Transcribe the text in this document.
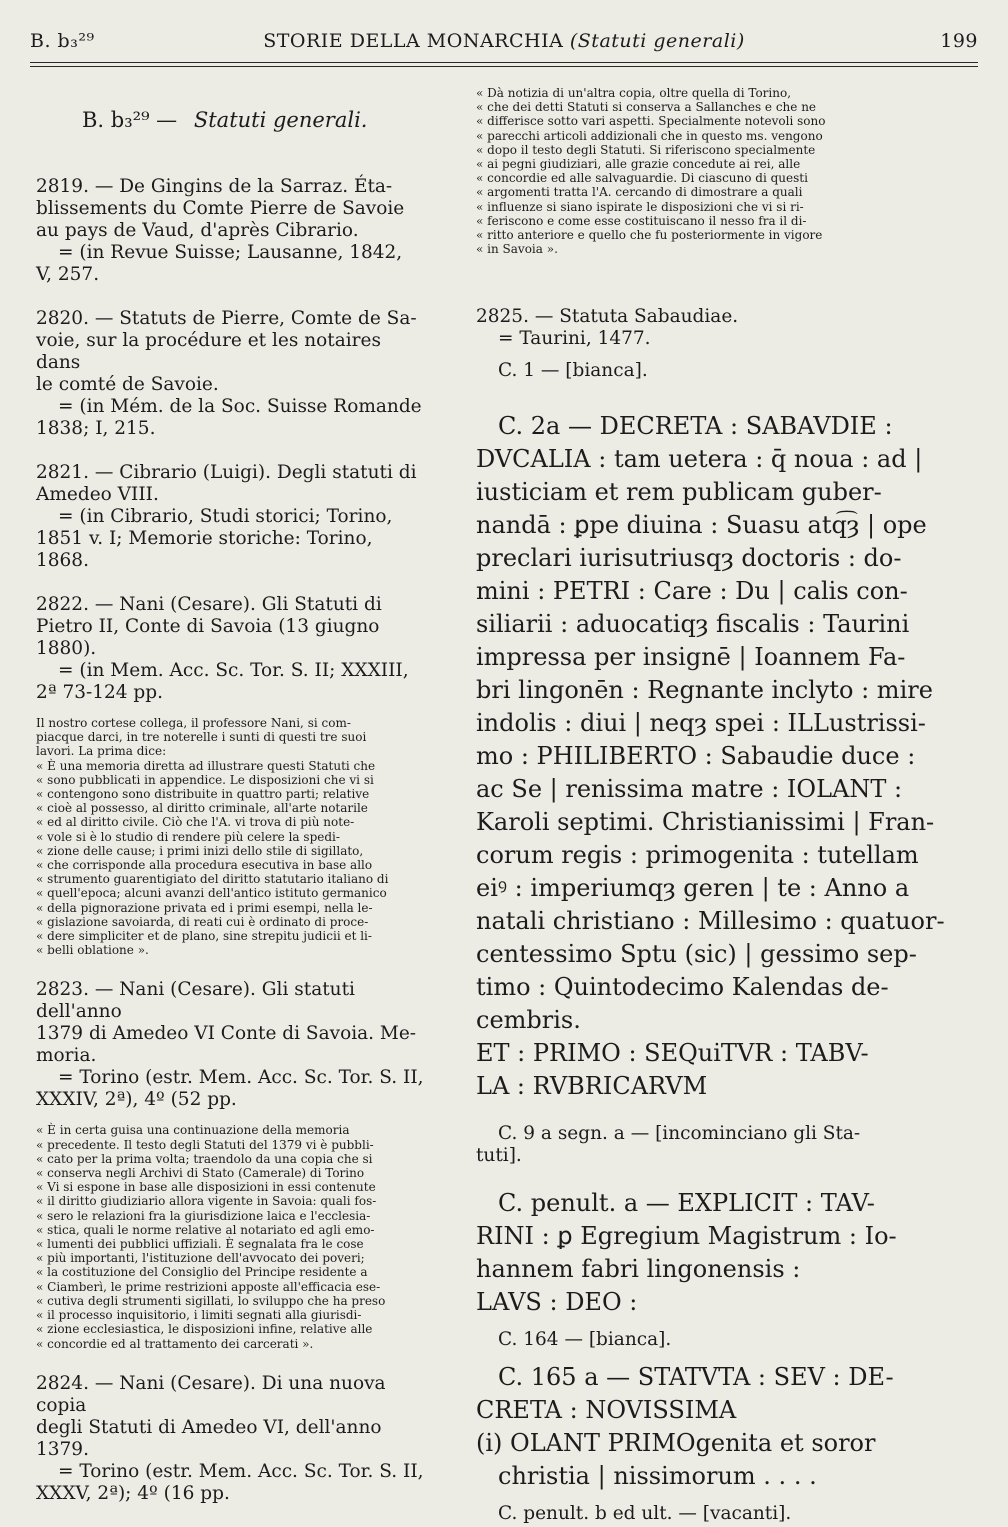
B. b₃²⁹	STORIE DELLA MONARCHIA (Statuti generali)	199
B. b₃²⁹ — Statuti generali.
2819. — De Gingins de la Sarraz. Éta-
blissements du Comte Pierre de Savoie
au pays de Vaud, d'après Cibrario.
= (in Revue Suisse; Lausanne, 1842,
V, 257.
2820. — Statuts de Pierre, Comte de Sa-
voie, sur la procédure et les notaires dans
le comté de Savoie.
= (in Mém. de la Soc. Suisse Romande
1838; I, 215.
2821. — Cibrario (Luigi). Degli statuti di
Amedeo VIII.
= (in Cibrario, Studi storici; Torino,
1851 v. I; Memorie storiche: Torino, 1868.
2822. — Nani (Cesare). Gli Statuti di
Pietro II, Conte di Savoia (13 giugno
1880).
= (in Mem. Acc. Sc. Tor. S. II; XXXIII,
2ª 73-124 pp.
Il nostro cortese collega, il professore Nani, si com-
piacque darci, in tre noterelle i sunti di questi tre suoi
lavori. La prima dice:
« È una memoria diretta ad illustrare questi Statuti che
« sono pubblicati in appendice. Le disposizioni che vi si
« contengono sono distribuite in quattro parti; relative
« cioè al possesso, al diritto criminale, all'arte notarile
« ed al diritto civile. Ciò che l'A. vi trova di più note-
« vole si è lo studio di rendere più celere la spedi-
« zione delle cause; i primi inizi dello stile di sigillato,
« che corrisponde alla procedura esecutiva in base allo
« strumento guarentigiato del diritto statutario italiano di
« quell'epoca; alcuni avanzi dell'antico istituto germanico
« della pignorazione privata ed i primi esempi, nella le-
« gislazione savoiarda, di reati cui è ordinato di proce-
« dere simpliciter et de plano, sine strepitu judicii et li-
« belli oblatione ».
2823. — Nani (Cesare). Gli statuti dell'anno
1379 di Amedeo VI Conte di Savoia. Me-
moria.
= Torino (estr. Mem. Acc. Sc. Tor. S. II,
XXXIV, 2ª), 4º (52 pp.
« È in certa guisa una continuazione della memoria
« precedente. Il testo degli Statuti del 1379 vi è pubbli-
« cato per la prima volta; traendolo da una copia che si
« conserva negli Archivi di Stato (Camerale) di Torino
« Vi si espone in base alle disposizioni in essi contenute
« il diritto giudiziario allora vigente in Savoia: quali fos-
« sero le relazioni fra la giurisdizione laica e l'ecclesia-
« stica, quali le norme relative al notariato ed agli emo-
« lumenti dei pubblici uffiziali. È segnalata fra le cose
« più importanti, l'istituzione dell'avvocato dei poveri;
« la costituzione del Consiglio del Principe residente a
« Ciamberì, le prime restrizioni apposte all'efficacia ese-
« cutiva degli strumenti sigillati, lo sviluppo che ha preso
« il processo inquisitorio, i limiti segnati alla giurisdi-
« zione ecclesiastica, le disposizioni infine, relative alle
« concordie ed al trattamento dei carcerati ».
2824. — Nani (Cesare). Di una nuova copia
degli Statuti di Amedeo VI, dell'anno
1379.
= Torino (estr. Mem. Acc. Sc. Tor. S. II,
XXXV, 2ª); 4º (16 pp.
« Dà notizia di un'altra copia, oltre quella di Torino,
« che dei detti Statuti si conserva a Sallanches e che ne
« differisce sotto vari aspetti. Specialmente notevoli sono
« parecchi articoli addizionali che in questo ms. vengono
« dopo il testo degli Statuti. Si riferiscono specialmente
« ai pegni giudiziari, alle grazie concedute ai rei, alle
« concordie ed alle salvaguardie. Di ciascuno di questi
« argomenti tratta l'A. cercando di dimostrare a quali
« influenze si siano ispirate le disposizioni che vi si ri-
« feriscono e come esse costituiscano il nesso fra il di-
« ritto anteriore e quello che fu posteriormente in vigore
« in Savoia ».
2825. — Statuta Sabaudiae.
= Taurini, 1477.
C. 1 — [bianca].
C. 2a — DECRETA : SABAVDIE :
DVCALIA : tam uetera : q̄ noua : ad |
iusticiam et rem publicam guber-
nandā : ꝑpe diuina : Suasu atq͡ȝ | ope
preclari iurisutriusqȝ doctoris : do-
mini : PETRI : Care : Du | calis con-
siliarii : aduocatiqȝ fiscalis : Taurini
impressa per insignē | Ioannem Fa-
bri lingonēn : Regnante inclyto : mire
indolis : diui | neqȝ spei : ILLustrissi-
mo : PHILIBERTO : Sabaudie duce :
ac Se | renissima matre : IOLANT :
Karoli septimi. Christianissimi | Fran-
corum regis : primogenita : tutellam
eiꝰ : imperiumqȝ geren | te : Anno a
natali christiano : Millesimo : quatuor-
centessimo Sptu (sic) | gessimo sep-
timo : Quintodecimo Kalendas de-
cembris.
ET : PRIMO : SEQuiTVR : TABV-
LA : RVBRICARVM
C. 9 a segn. a — [incominciano gli Sta-
tuti].
C. penult. a — EXPLICIT : TAV-
RINI : ꝑ Egregium Magistrum : Io-
hannem fabri lingonensis :
LAVS : DEO :
C. 164 — [bianca].
C. 165 a — STATVTA : SEV : DE-
CRETA : NOVISSIMA
(i) OLANT PRIMOgenita et soror
christia | nissimorum . . . .
C. penult. b ed ult. — [vacanti].
